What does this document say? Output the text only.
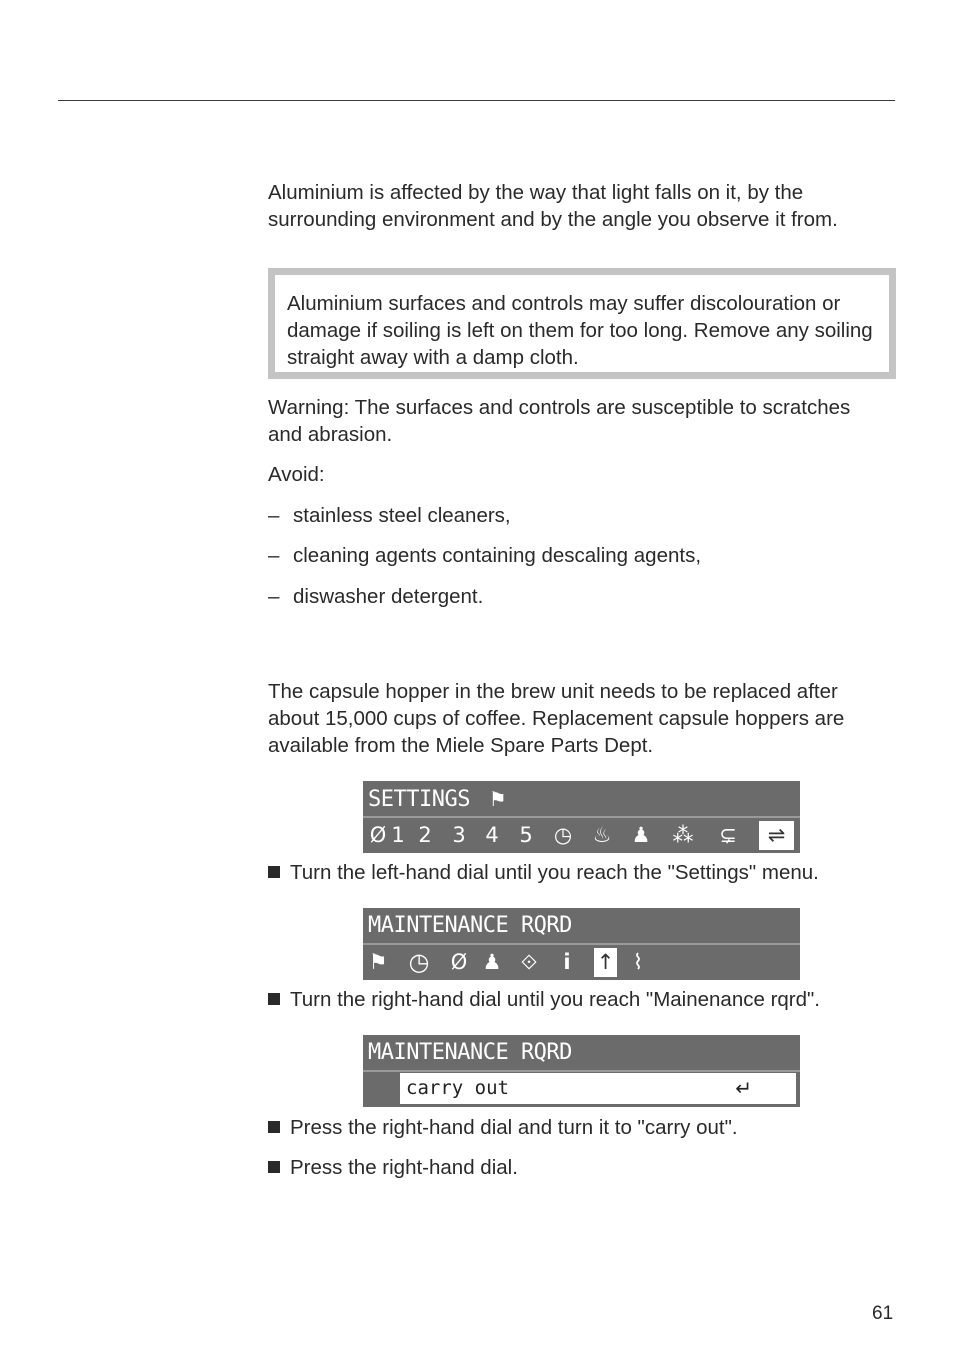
Aluminium is affected by the way that light falls on it, by the surrounding environment and by the angle you observe it from.

Aluminium surfaces and controls may suffer discolouration or damage if soiling is left on them for too long. Remove any soiling straight away with a damp cloth.

Warning: The surfaces and controls are susceptible to scratches and abrasion.

Avoid:

– stainless steel cleaners,
– cleaning agents containing descaling agents,
– diswasher detergent.

The capsule hopper in the brew unit needs to be replaced after about 15,000 cups of coffee. Replacement capsule hoppers are available from the Miele Spare Parts Dept.

SETTINGS ⚑
Ø 1 2 3 4 5 ◷ ♨ ♟	⁂	⊊	⇌
Turn the left-hand dial until you reach the "Settings" menu.
MAINTENANCE RQRD
⚑ ◷ Ø ♟ ⟐	i	↑ ⌇
Turn the right-hand dial until you reach "Mainenance rqrd".
MAINTENANCE RQRD
carry out	↵
Press the right-hand dial and turn it to "carry out".
Press the right-hand dial.
61
